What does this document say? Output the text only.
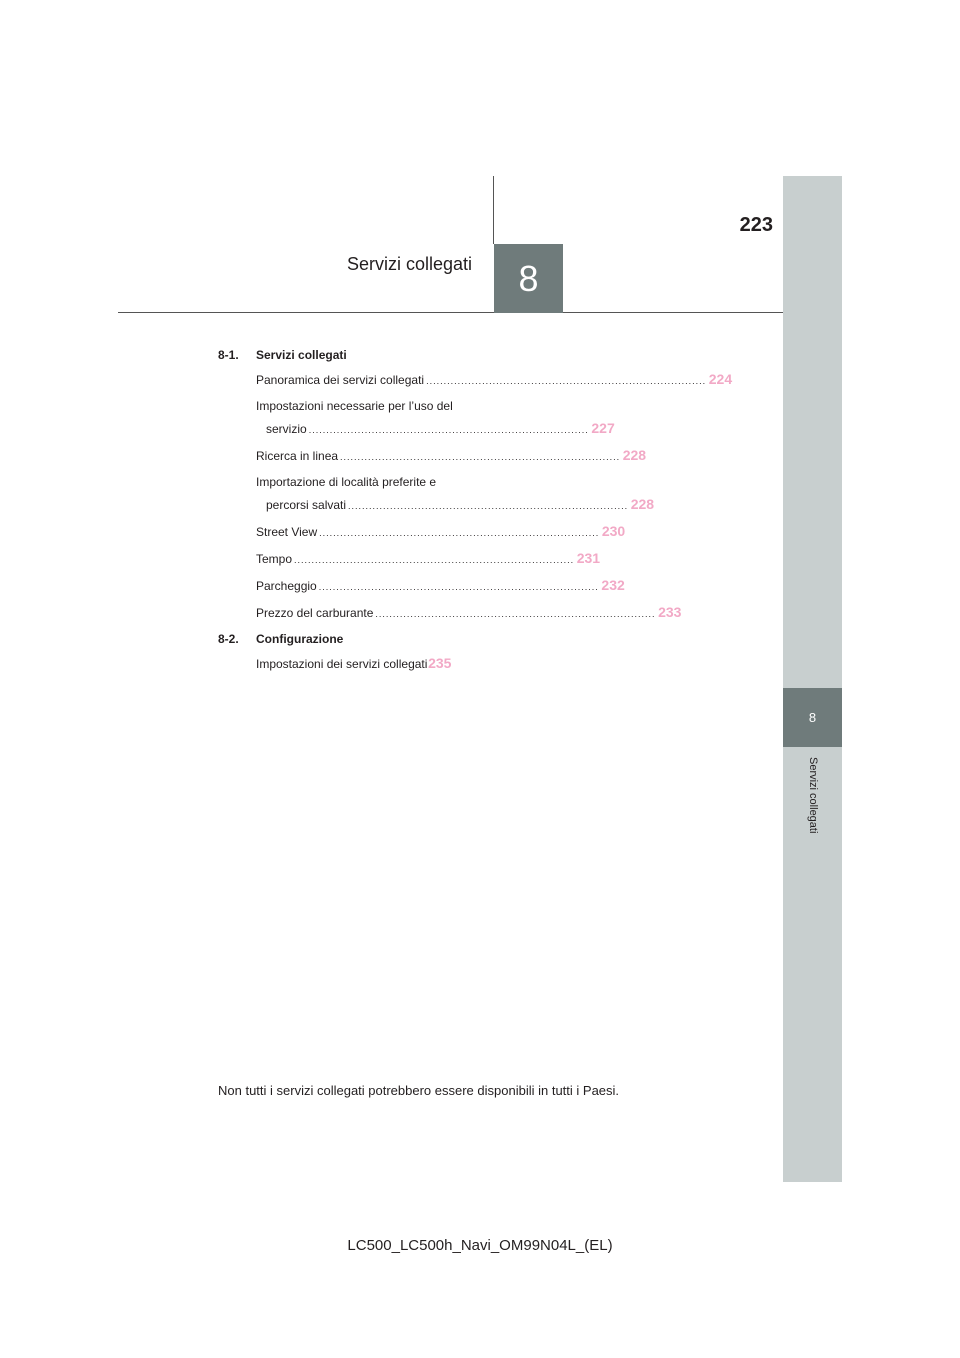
8
Servizi collegati
223
Servizi collegati	8
8-1.	Servizi collegati
Panoramica dei servizi collegati ................................................................................ 224
Impostazioni necessarie per l’uso del
servizio ................................................................................ 227
Ricerca in linea ................................................................................ 228
Importazione di località preferite e
percorsi salvati ................................................................................ 228
Street View ................................................................................ 230
Tempo ................................................................................ 231
Parcheggio ................................................................................ 232
Prezzo del carburante ................................................................................ 233
8-2.	Configurazione
Impostazioni dei servizi collegati 235
Non tutti i servizi collegati potrebbero essere disponibili in tutti i Paesi.
LC500_LC500h_Navi_OM99N04L_(EL)
